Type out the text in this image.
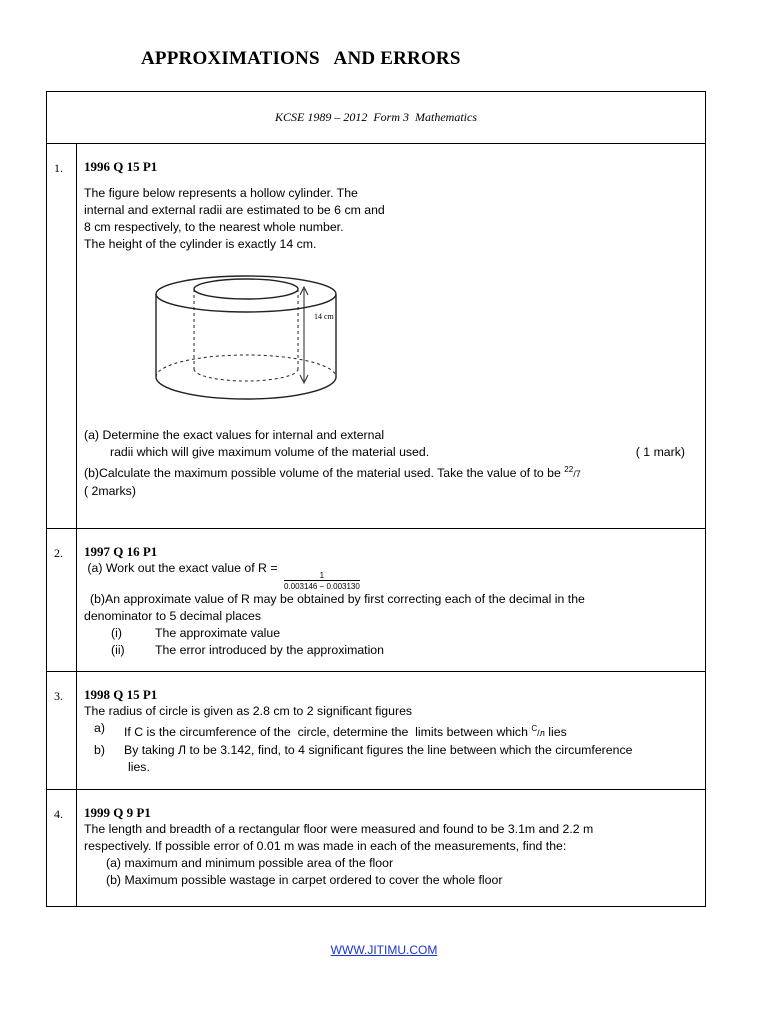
APPROXIMATIONS   AND ERRORS
KCSE 1989 – 2012  Form 3  Mathematics
1.	1996 Q 15 P1
The figure below represents a hollow cylinder. The
internal and external radii are estimated to be 6 cm and
8 cm respectively, to the nearest whole number.
The height of the cylinder is exactly 14 cm.
14 cm
(a) Determine the exact values for internal and external
radii which will give maximum volume of the material used.	( 1 mark)
(b)Calculate the maximum possible volume of the material used. Take the value of to be $^{22}$/7
( 2marks)
2.	1997 Q 16 P1
(a) Work out the exact value of R =
$\frac{1}{0.003146 - 0.003130}$
(b)An approximate value of R may be obtained by first correcting each of the decimal in the
denominator to 5 decimal places
(i)	The approximate value
(ii)	The error introduced by the approximation
3.	1998 Q 15 P1
The radius of circle is given as 2.8 cm to 2 significant figures
a)	If C is the circumference of the  circle, determine the  limits between which $^C$/л lies
b)	By taking Л to be 3.142, find, to 4 significant figures the line between which the circumference
lies.
4.	1999 Q 9 P1
The length and breadth of a rectangular floor were measured and found to be 3.1m and 2.2 m
respectively. If possible error of 0.01 m was made in each of the measurements, find the:
(a) maximum and minimum possible area of the floor
(b) Maximum possible wastage in carpet ordered to cover the whole floor
WWW.JITIMU.COM
